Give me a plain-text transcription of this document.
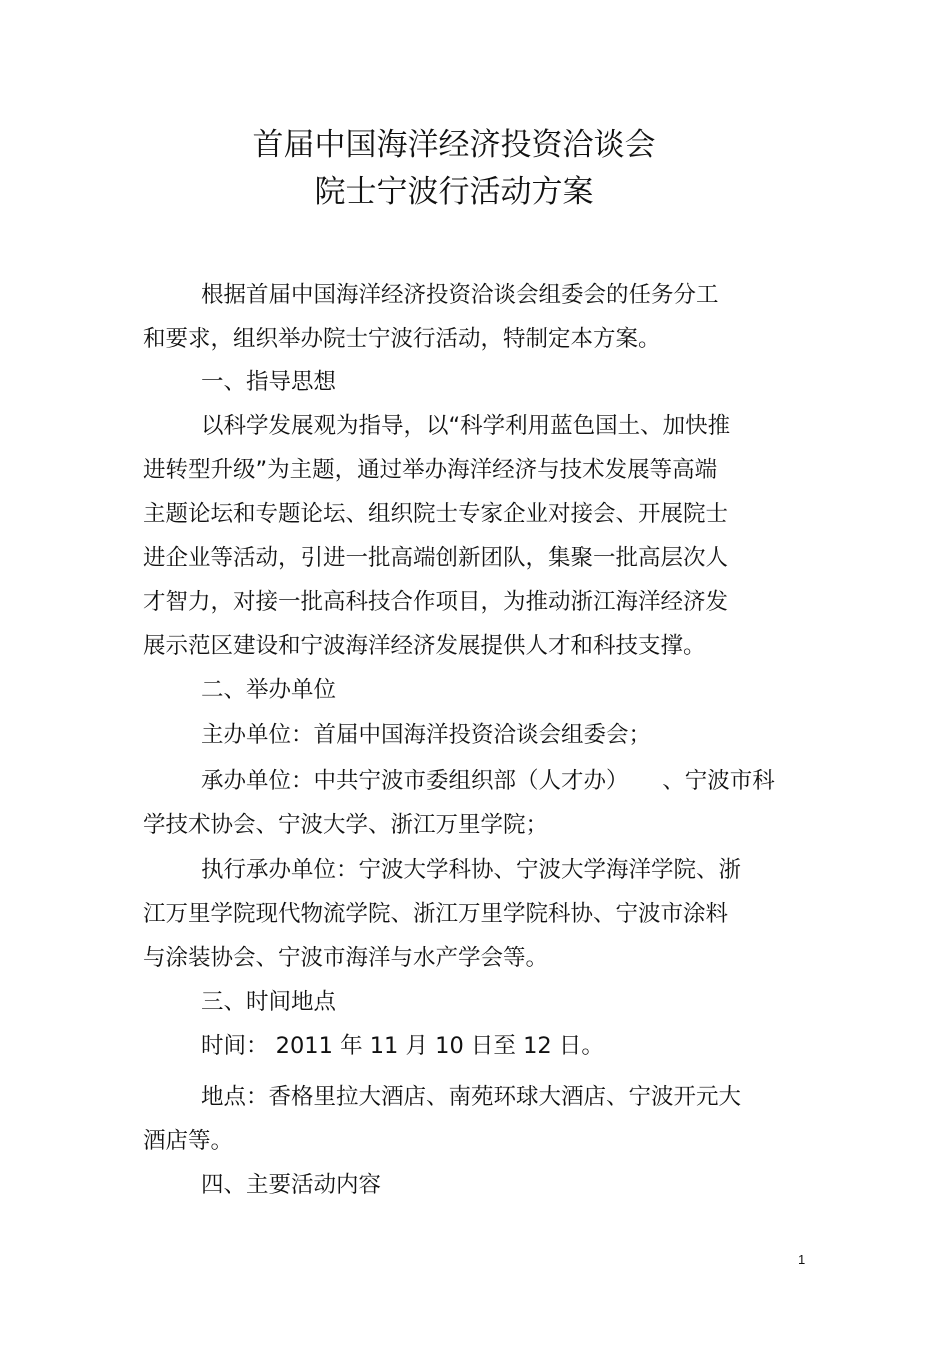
首届中国海洋经济投资洽谈会
院士宁波行活动方案
根据首届中国海洋经济投资洽谈会组委会的任务分工
和要求，组织举办院士宁波行活动，特制定本方案。
一、指导思想
以科学发展观为指导，以“科学利用蓝色国土、加快推
进转型升级”为主题，通过举办海洋经济与技术发展等高端
主题论坛和专题论坛、组织院士专家企业对接会、开展院士
进企业等活动，引进一批高端创新团队，集聚一批高层次人
才智力，对接一批高科技合作项目，为推动浙江海洋经济发
展示范区建设和宁波海洋经济发展提供人才和科技支撑。
二、举办单位
主办单位：首届中国海洋投资洽谈会组委会；
承办单位：中共宁波市委组织部（人才办）　　、宁波市科
学技术协会、宁波大学、浙江万里学院；
执行承办单位：宁波大学科协、宁波大学海洋学院、浙
江万里学院现代物流学院、浙江万里学院科协、宁波市涂料
与涂装协会、宁波市海洋与水产学会等。
三、时间地点
时间： 2011 年 11 月 10 日至 12 日。
地点：香格里拉大酒店、南苑环球大酒店、宁波开元大
酒店等。
四、主要活动内容
1
